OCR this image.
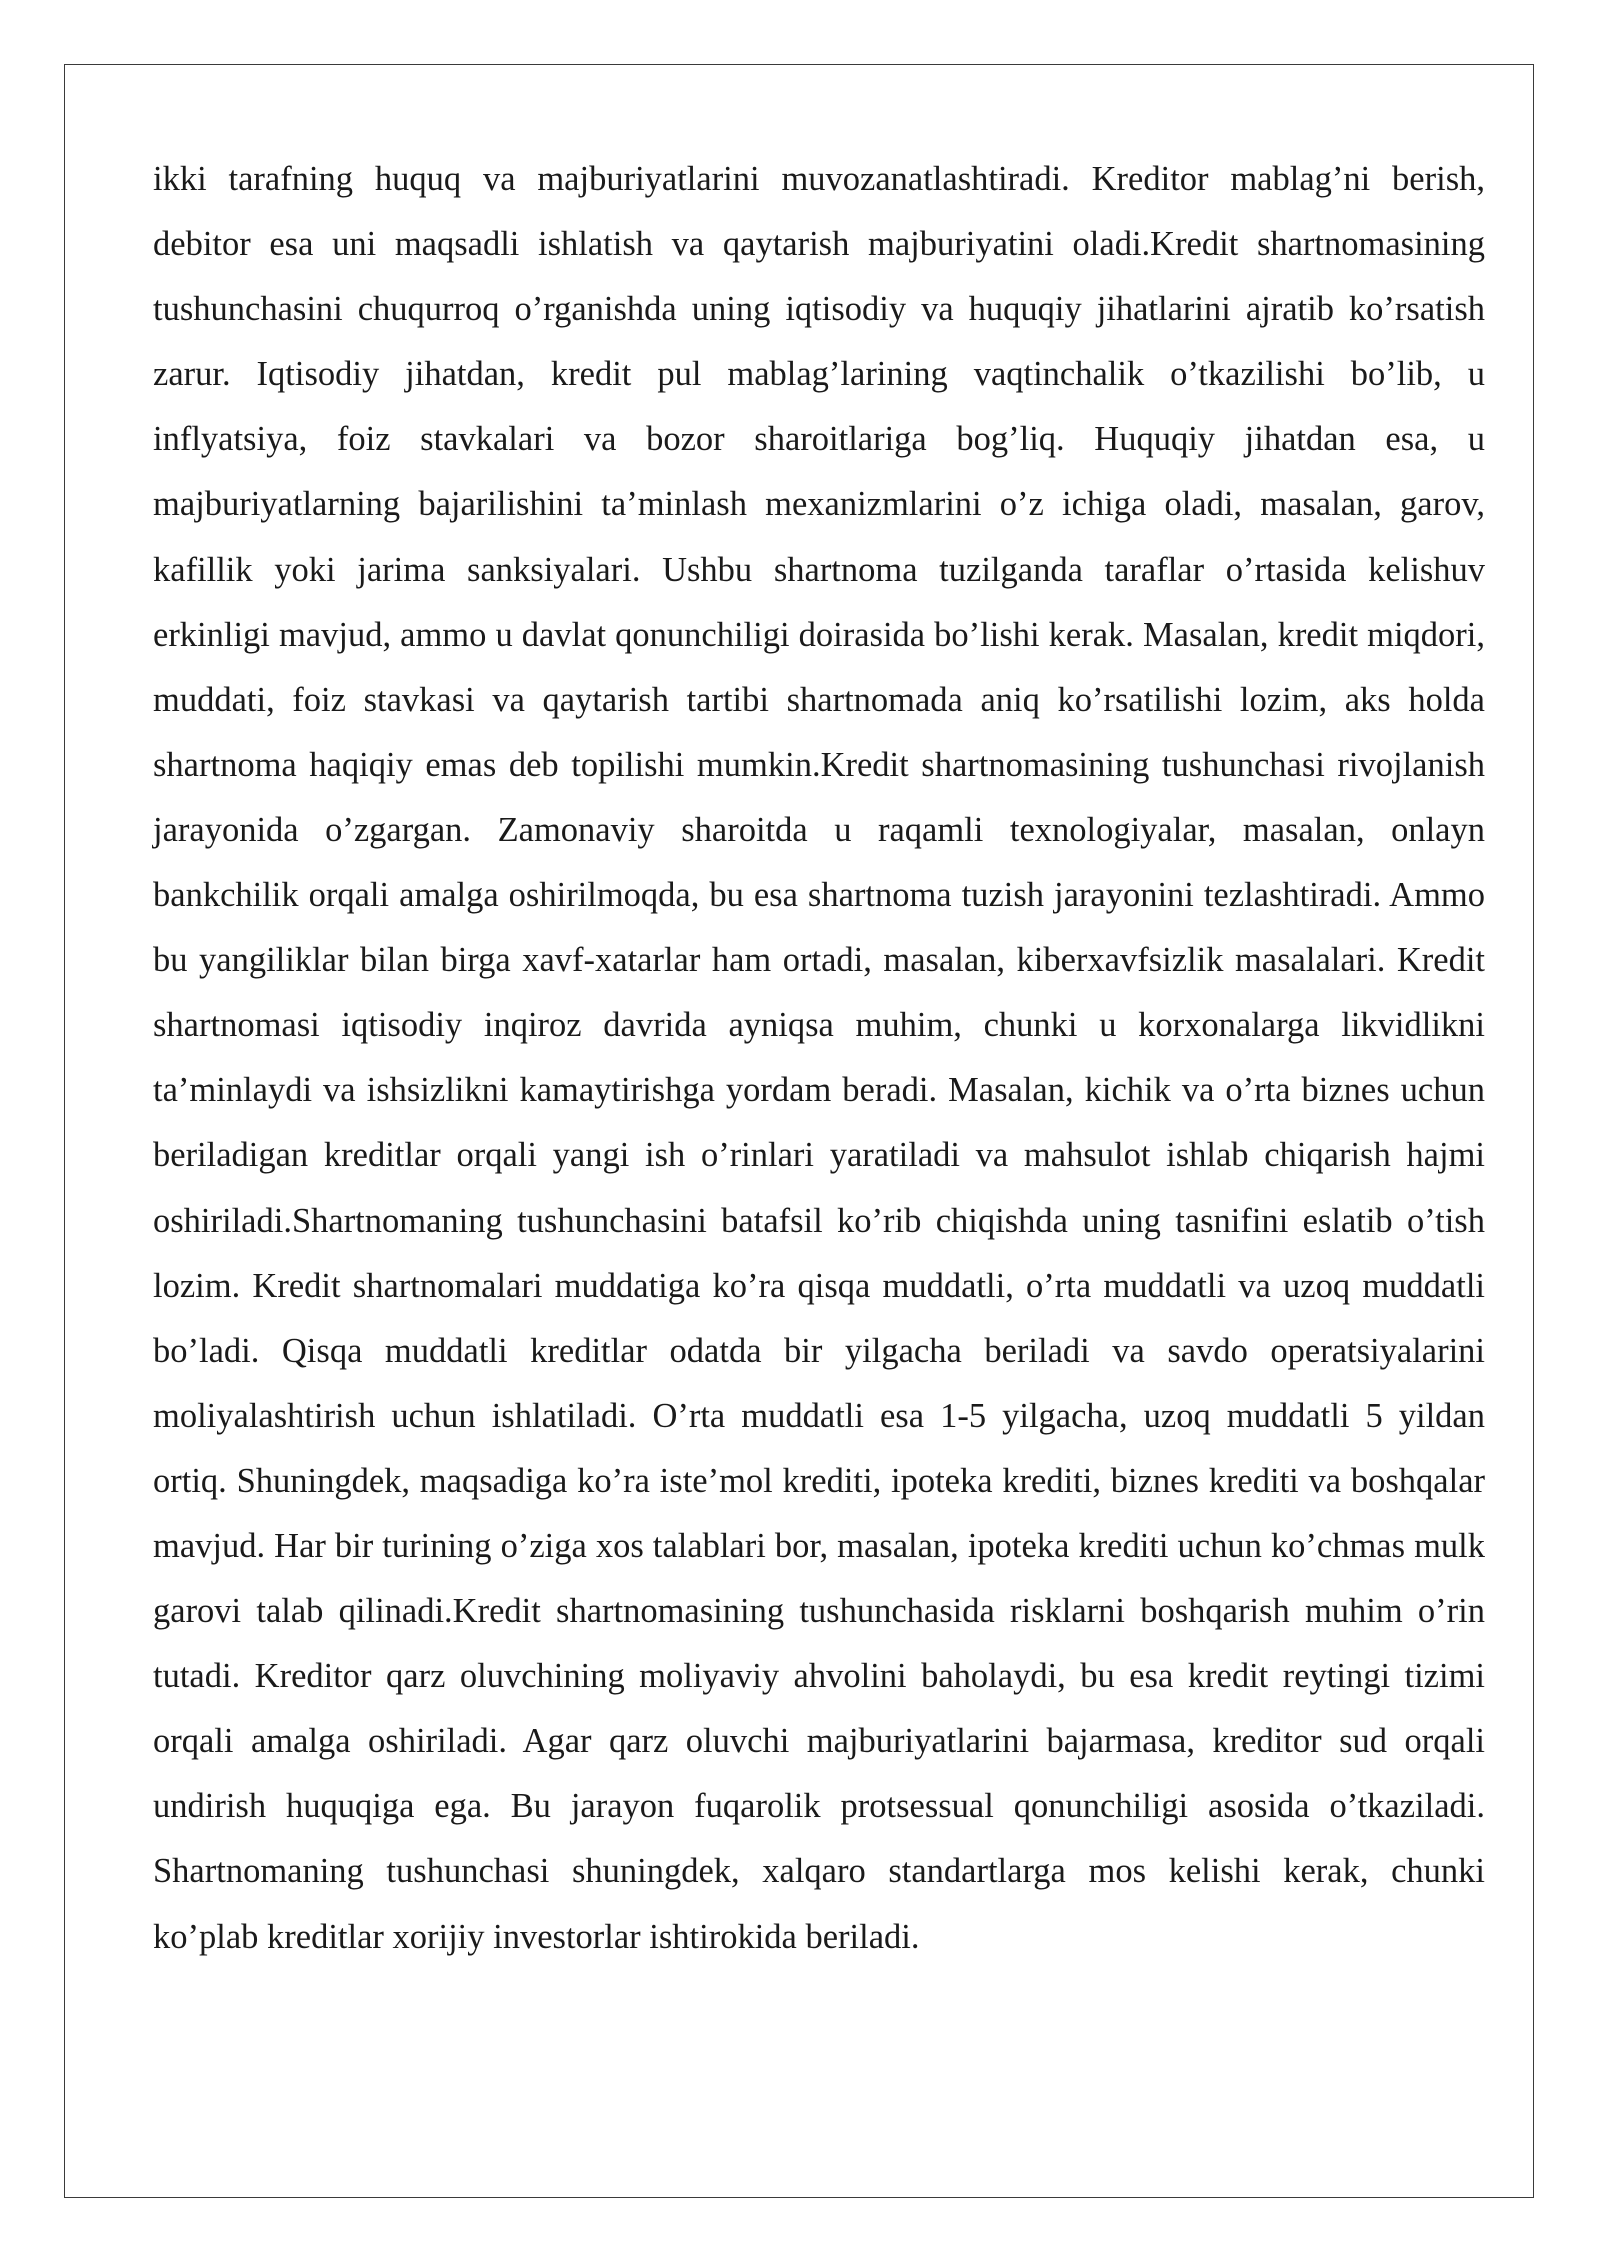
ikki tarafning huquq va majburiyatlarini muvozanatlashtiradi. Kreditor mablag’ni berish, debitor esa uni maqsadli ishlatish va qaytarish majburiyatini oladi.Kredit shartnomasining tushunchasini chuqurroq o’rganishda uning iqtisodiy va huquqiy jihatlarini ajratib ko’rsatish zarur. Iqtisodiy jihatdan, kredit pul mablag’larining vaqtinchalik o’tkazilishi bo’lib, u inflyatsiya, foiz stavkalari va bozor sharoitlariga bog’liq. Huquqiy jihatdan esa, u majburiyatlarning bajarilishini ta’minlash mexanizmlarini o’z ichiga oladi, masalan, garov, kafillik yoki jarima sanksiyalari. Ushbu shartnoma tuzilganda taraflar o’rtasida kelishuv erkinligi mavjud, ammo u davlat qonunchiligi doirasida bo’lishi kerak. Masalan, kredit miqdori, muddati, foiz stavkasi va qaytarish tartibi shartnomada aniq ko’rsatilishi lozim, aks holda shartnoma haqiqiy emas deb topilishi mumkin.Kredit shartnomasining tushunchasi rivojlanish jarayonida o’zgargan. Zamonaviy sharoitda u raqamli texnologiyalar, masalan, onlayn bankchilik orqali amalga oshirilmoqda, bu esa shartnoma tuzish jarayonini tezlashtiradi. Ammo bu yangiliklar bilan birga xavf-xatarlar ham ortadi, masalan, kiberxavfsizlik masalalari. Kredit shartnomasi iqtisodiy inqiroz davrida ayniqsa muhim, chunki u korxonalarga likvidlikni ta’minlaydi va ishsizlikni kamaytirishga yordam beradi. Masalan, kichik va o’rta biznes uchun beriladigan kreditlar orqali yangi ish o’rinlari yaratiladi va mahsulot ishlab chiqarish hajmi oshiriladi.Shartnomaning tushunchasini batafsil ko’rib chiqishda uning tasnifini eslatib o’tish lozim. Kredit shartnomalari muddatiga ko’ra qisqa muddatli, o’rta muddatli va uzoq muddatli bo’ladi. Qisqa muddatli kreditlar odatda bir yilgacha beriladi va savdo operatsiyalarini moliyalashtirish uchun ishlatiladi. O’rta muddatli esa 1-5 yilgacha, uzoq muddatli 5 yildan ortiq. Shuningdek, maqsadiga ko’ra iste’mol krediti, ipoteka krediti, biznes krediti va boshqalar mavjud. Har bir turining o’ziga xos talablari bor, masalan, ipoteka krediti uchun ko’chmas mulk garovi talab qilinadi.Kredit shartnomasining tushunchasida risklarni boshqarish muhim o’rin tutadi. Kreditor qarz oluvchining moliyaviy ahvolini baholaydi, bu esa kredit reytingi tizimi orqali amalga oshiriladi. Agar qarz oluvchi majburiyatlarini bajarmasa, kreditor sud orqali undirish huquqiga ega. Bu jarayon fuqarolik protsessual qonunchiligi asosida o’tkaziladi. Shartnomaning tushunchasi shuningdek, xalqaro standartlarga mos kelishi kerak, chunki ko’plab kreditlar xorijiy investorlar ishtirokida beriladi.
